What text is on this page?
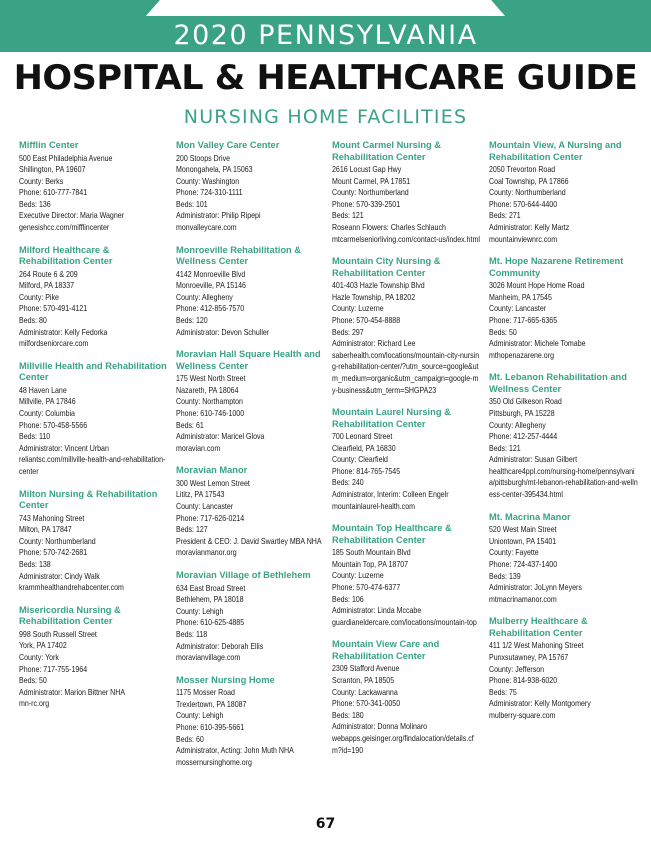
2020 PENNSYLVANIA
HOSPITAL & HEALTHCARE GUIDE
NURSING HOME FACILITIES
Mifflin Center
500 East Philadelphia Avenue
Shillington, PA 19607
County: Berks
Phone: 610-777-7841
Beds: 136
Executive Director: Maria Wagner
genesishcc.com/mifflincenter
Milford Healthcare & Rehabilitation Center
264 Route 6 & 209
Milford, PA 18337
County: Pike
Phone: 570-491-4121
Beds: 80
Administrator: Kelly Fedorka
milfordseniorcare.com
Millville Health and Rehabilitation Center
48 Haven Lane
Millville, PA 17846
County: Columbia
Phone: 570-458-5566
Beds: 110
Administrator: Vincent Urban
reliantsc.com/millville-health-and-rehabilitation-center
Milton Nursing & Rehabilitation Center
743 Mahoning Street
Milton, PA 17847
County: Northumberland
Phone: 570-742-2681
Beds: 138
Administrator: Cindy Walk
krammhealthandrehabcenter.com
Misericordia Nursing & Rehabilitation Center
998 South Russell Street
York, PA 17402
County: York
Phone: 717-755-1964
Beds: 50
Administrator: Marion Bittner NHA
mn-rc.org
Mon Valley Care Center
200 Stoops Drive
Monongahela, PA 15063
County: Washington
Phone: 724-310-1111
Beds: 101
Administrator: Philip Ripepi
monvalleycare.com
Monroeville Rehabilitation & Wellness Center
4142 Monroeville Blvd
Monroeville, PA 15146
County: Allegheny
Phone: 412-856-7570
Beds: 120
Administrator: Devon Schuller
Moravian Hall Square Health and Wellness Center
175 West North Street
Nazareth, PA 18064
County: Northampton
Phone: 610-746-1000
Beds: 61
Administrator: Maricel Glova
moravian.com
Moravian Manor
300 West Lemon Street
Lititz, PA 17543
County: Lancaster
Phone: 717-626-0214
Beds: 127
President & CEO: J. David Swartley MBA NHA
moravianmanor.org
Moravian Village of Bethlehem
634 East Broad Street
Bethlehem, PA 18018
County: Lehigh
Phone: 610-625-4885
Beds: 118
Administrator: Deborah Ellis
moravianvillage.com
Mosser Nursing Home
1175 Mosser Road
Trexlertown, PA 18087
County: Lehigh
Phone: 610-395-5661
Beds: 60
Administrator, Acting: John Muth NHA
mossernursinghome.org
Mount Carmel Nursing & Rehabilitation Center
2616 Locust Gap Hwy
Mount Carmel, PA 17851
County: Northumberland
Phone: 570-339-2501
Beds: 121
Roseann Flowers: Charles Schlauch
mtcarmelseniorliving.com/contact-us/index.html
Mountain City Nursing & Rehabilitation Center
401-403 Hazle Township Blvd
Hazle Township, PA 18202
County: Luzerne
Phone: 570-454-8888
Beds: 297
Administrator: Richard Lee
saberhealth.com/locations/mountain-city-nursing-rehabilitation-center/?utm_source=google&utm_medium=organic&utm_campaign=google-my-business&utm_term=SHGPA23
Mountain Laurel Nursing & Rehabilitation Center
700 Leonard Street
Clearfield, PA 16830
County: Clearfield
Phone: 814-765-7545
Beds: 240
Administrator, Interim: Colleen Engelr
mountainlaurel-health.com
Mountain Top Healthcare & Rehabilitation Center
185 South Mountain Blvd
Mountain Top, PA 18707
County: Luzerne
Phone: 570-474-6377
Beds: 106
Administrator: Linda Mccabe
guardianeldercare.com/locations/mountain-top
Mountain View Care and Rehabilitation Center
2309 Stafford Avenue
Scranton, PA 18505
County: Lackawanna
Phone: 570-341-0050
Beds: 180
Administrator: Donna Molinaro
webapps.geisinger.org/findalocation/details.cfm?id=190
Mountain View, A Nursing and Rehabilitation Center
2050 Trevorton Road
Coal Township, PA 17866
County: Northumberland
Phone: 570-644-4400
Beds: 271
Administrator: Kelly Martz
mountainviewnrc.com
Mt. Hope Nazarene Retirement Community
3026 Mount Hope Home Road
Manheim, PA 17545
County: Lancaster
Phone: 717-665-6365
Beds: 50
Administrator: Michele Tomabe
mthopenazarene.org
Mt. Lebanon Rehabilitation and Wellness Center
350 Old Gilkeson Road
Pittsburgh, PA 15228
County: Allegheny
Phone: 412-257-4444
Beds: 121
Administrator: Susan Gilbert
healthcare4ppl.com/nursing-home/pennsylvania/pittsburgh/mt-lebanon-rehabilitation-and-wellness-center-395434.html
Mt. Macrina Manor
520 West Main Street
Uniontown, PA 15401
County: Fayette
Phone: 724-437-1400
Beds: 139
Administrator: JoLynn Meyers
mtmacrinamanor.com
Mulberry Healthcare & Rehabilitation Center
411 1/2 West Mahoning Street
Punxsutawney, PA 15767
County: Jefferson
Phone: 814-938-6020
Beds: 75
Administrator: Kelly Montgomery
mulberry-square.com
67
